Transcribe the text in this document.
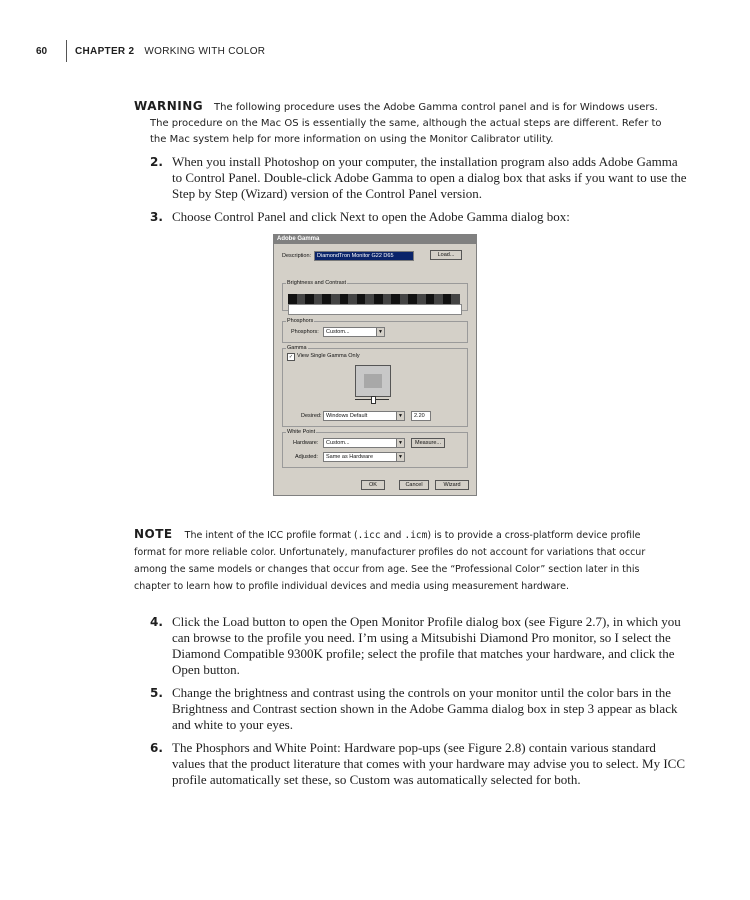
60	CHAPTER 2 WORKING WITH COLOR
WARNING	The following procedure uses the Adobe Gamma control panel and is for Windows users. The procedure on the Mac OS is essentially the same, although the actual steps are different. Refer to the Mac system help for more information on using the Monitor Calibrator utility.
2. When you install Photoshop on your computer, the installation program also adds Adobe Gamma to Control Panel. Double-click Adobe Gamma to open a dialog box that asks if you want to use the Step by Step (Wizard) version of the Control Panel version.
3. Choose Control Panel and click Next to open the Adobe Gamma dialog box:
Adobe Gamma
Description:	DiamondTron Monitor G22 D65	Load...
Brightness and Contrast
Phosphors
Phosphors:	Custom...	▼
Gamma
✓ View Single Gamma Only
Desired: Windows Default	▼	2.20
White Point
Hardware:	Custom...	▼	Measure...
Adjusted:	Same as Hardware	▼
OK	Cancel	Wizard
NOTE The intent of the ICC profile format (.icc and .icm) is to provide a cross-platform device profile format for more reliable color. Unfortunately, manufacturer profiles do not account for variations that occur among the same models or changes that occur from age. See the “Professional Color” section later in this chapter to learn how to profile individual devices and media using measurement hardware.
4. Click the Load button to open the Open Monitor Profile dialog box (see Figure 2.7), in which you can browse to the profile you need. I’m using a Mitsubishi Diamond Pro monitor, so I select the Diamond Compatible 9300K profile; select the profile that matches your hardware, and click the Open button.
5. Change the brightness and contrast using the controls on your monitor until the color bars in the Brightness and Contrast section shown in the Adobe Gamma dialog box in step 3 appear as black and white to your eyes.
6. The Phosphors and White Point: Hardware pop-ups (see Figure 2.8) contain various standard values that the product literature that comes with your hardware may advise you to select. My ICC profile automatically set these, so Custom was automatically selected for both.
